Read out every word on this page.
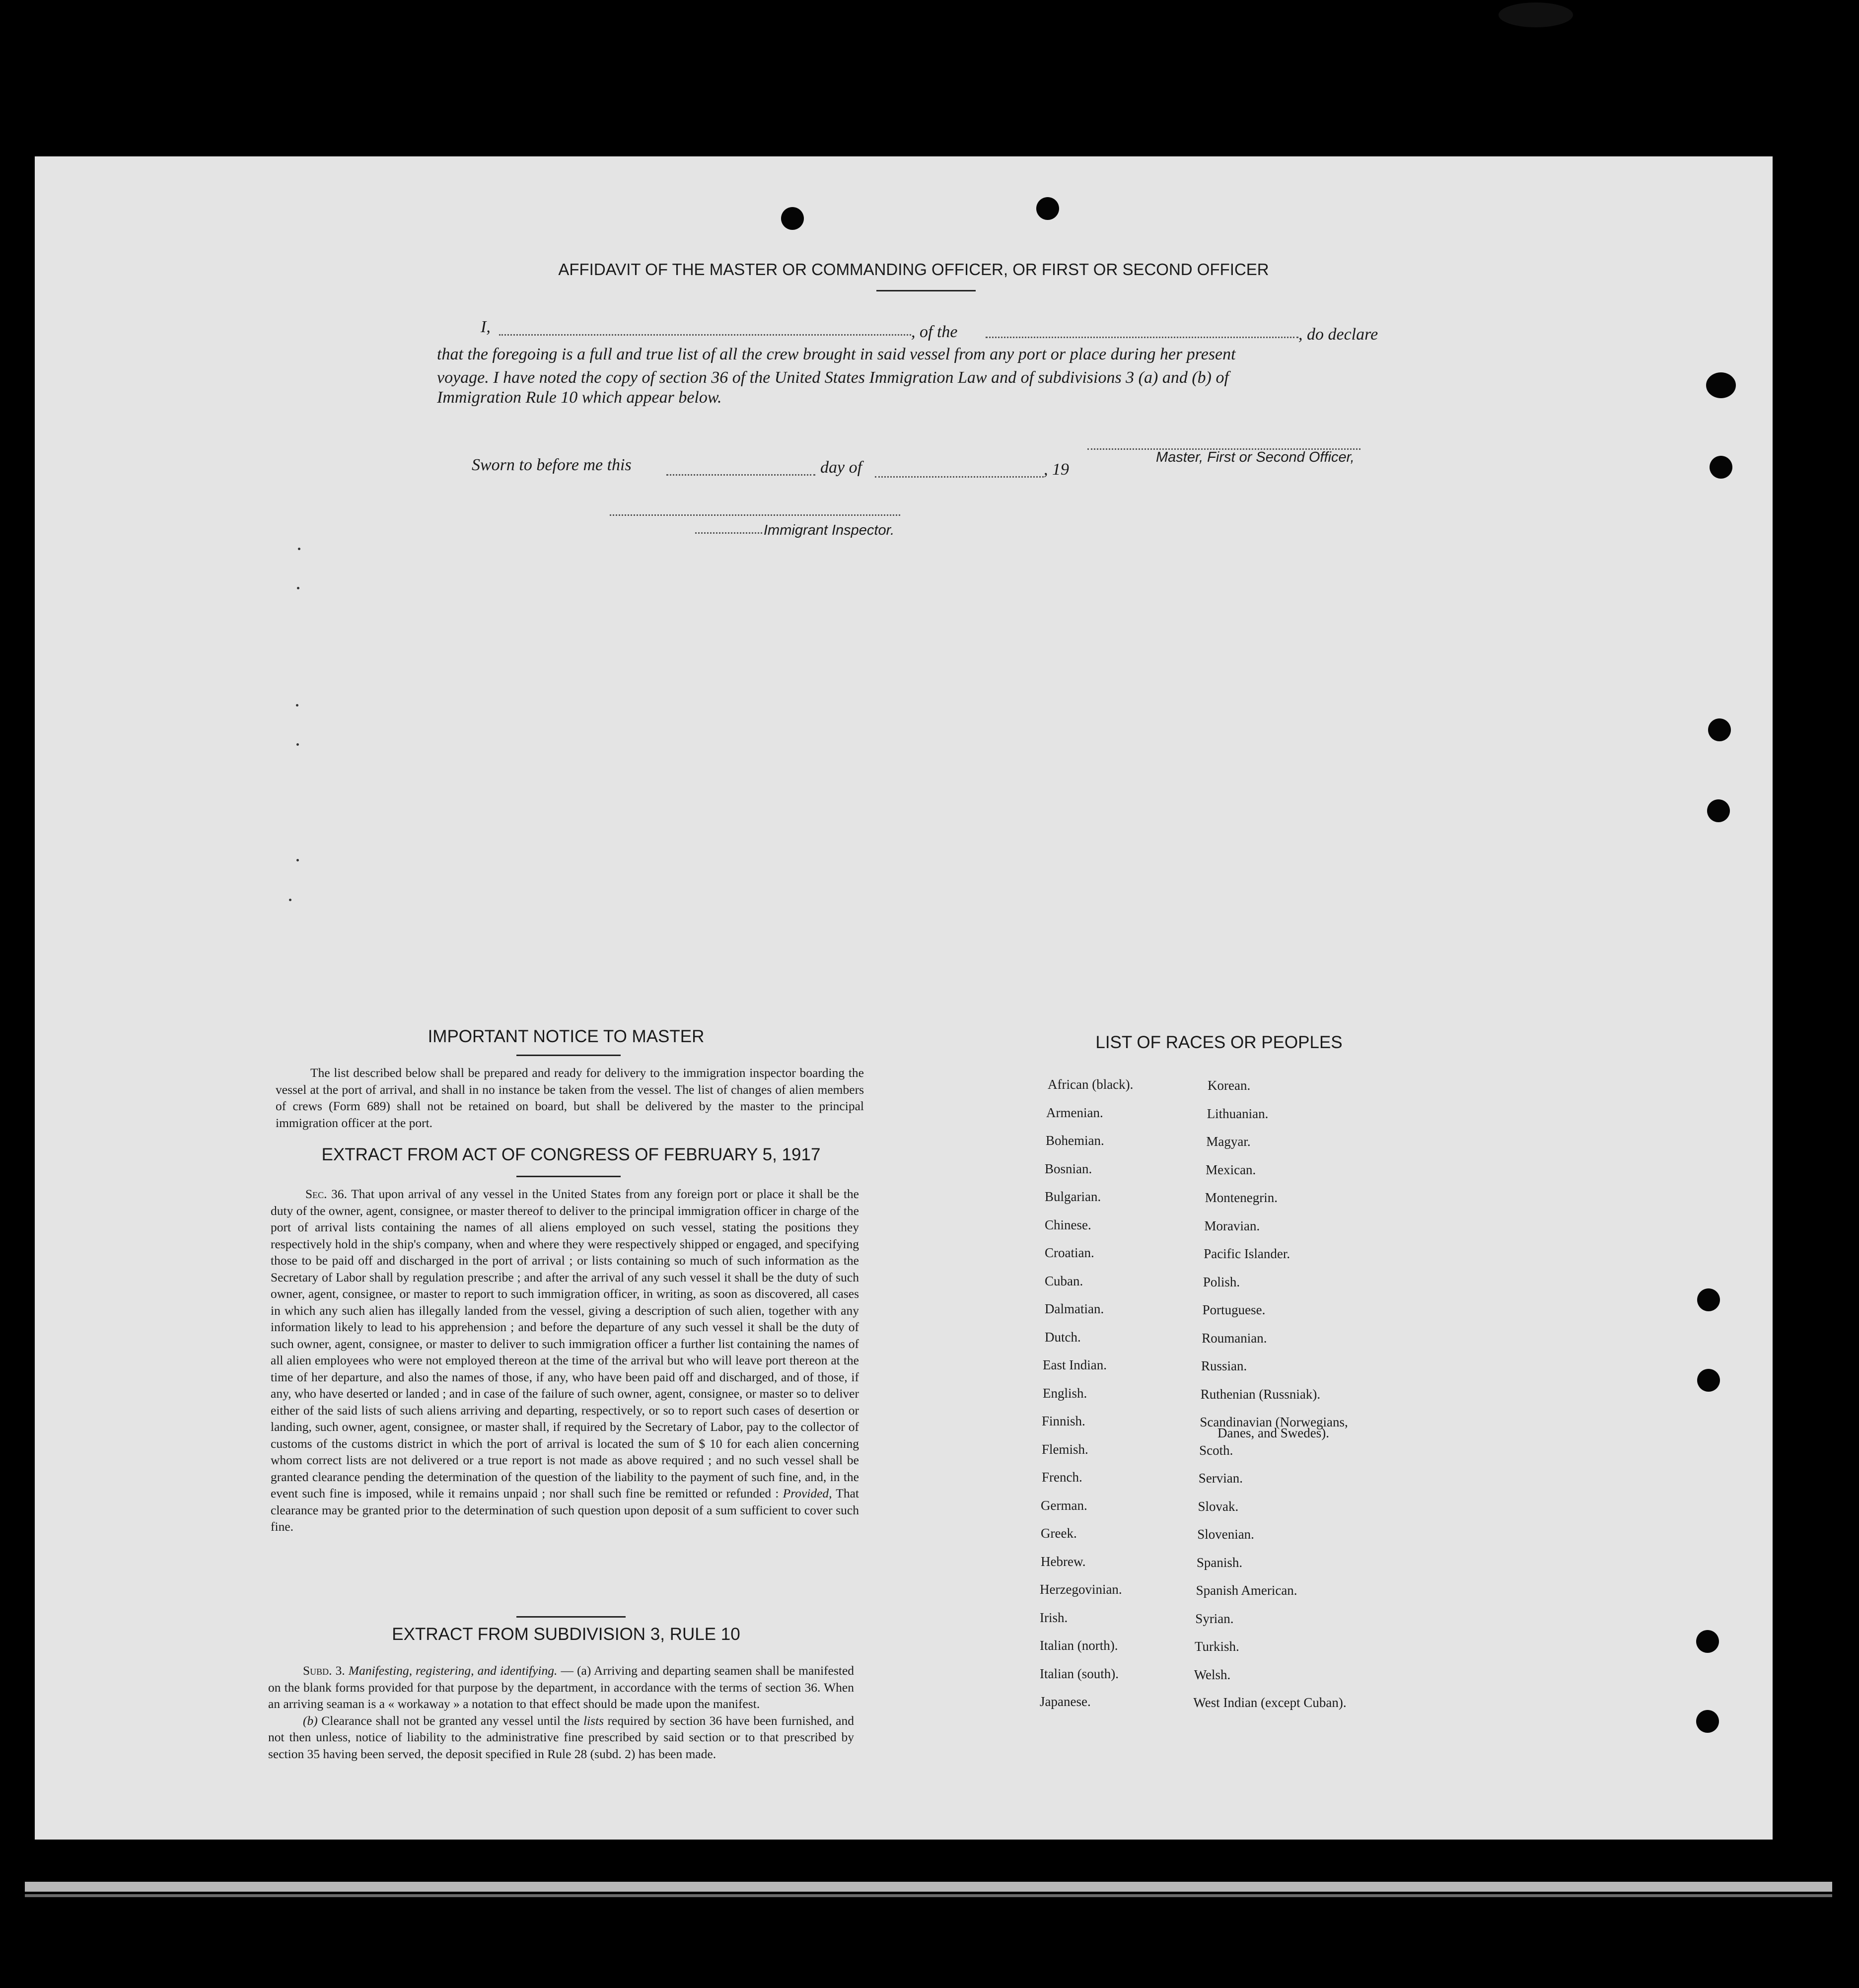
AFFIDAVIT OF THE MASTER OR COMMANDING OFFICER, OR FIRST OR SECOND OFFICER
I,	, of the	, do declare
that the foregoing is a full and true list of all the crew brought in said vessel from any port or place during her present
voyage. I have noted the copy of section 36 of the United States Immigration Law and of subdivisions 3 (a) and (b) of
Immigration Rule 10 which appear below.
Master, First or Second Officer,
Sworn to before me this	day of	, 19
Immigrant Inspector.
IMPORTANT NOTICE TO MASTER

The list described below shall be prepared and ready for delivery to the immigration inspector boarding the vessel at the port of arrival, and shall in no instance be taken from the vessel. The list of changes of alien members of crews (Form 689) shall not be retained on board, but shall be delivered by the master to the principal immigration officer at the port.

EXTRACT FROM ACT OF CONGRESS OF FEBRUARY 5, 1917

Sec. 36. That upon arrival of any vessel in the United States from any foreign port or place it shall be the duty of the owner, agent, consignee, or master thereof to deliver to the principal immigration officer in charge of the port of arrival lists containing the names of all aliens employed on such vessel, stating the positions they respectively hold in the ship's company, when and where they were respectively shipped or engaged, and specifying those to be paid off and discharged in the port of arrival ; or lists containing so much of such information as the Secretary of Labor shall by regulation prescribe ; and after the arrival of any such vessel it shall be the duty of such owner, agent, consignee, or master to report to such immigration officer, in writing, as soon as discovered, all cases in which any such alien has illegally landed from the vessel, giving a description of such alien, together with any information likely to lead to his apprehension ; and before the departure of any such vessel it shall be the duty of such owner, agent, consignee, or master to deliver to such immigration officer a further list containing the names of all alien employees who were not employed thereon at the time of the arrival but who will leave port thereon at the time of her departure, and also the names of those, if any, who have been paid off and discharged, and of those, if any, who have deserted or landed ; and in case of the failure of such owner, agent, consignee, or master so to deliver either of the said lists of such aliens arriving and departing, respectively, or so to report such cases of desertion or landing, such owner, agent, consignee, or master shall, if required by the Secretary of Labor, pay to the collector of customs of the customs district in which the port of arrival is located the sum of $ 10 for each alien concerning whom correct lists are not delivered or a true report is not made as above required ; and no such vessel shall be granted clearance pending the determination of the question of the liability to the payment of such fine, and, in the event such fine is imposed, while it remains unpaid ; nor shall such fine be remitted or refunded : Provided, That clearance may be granted prior to the determination of such question upon deposit of a sum sufficient to cover such fine.

EXTRACT FROM SUBDIVISION 3, RULE 10

Subd. 3. Manifesting, registering, and identifying. — (a) Arriving and departing seamen shall be manifested on the blank forms provided for that purpose by the department, in accordance with the terms of section 36. When an arriving seaman is a « workaway » a notation to that effect should be made upon the manifest.

(b) Clearance shall not be granted any vessel until the lists required by section 36 have been furnished, and not then unless, notice of liability to the administrative fine prescribed by said section or to that prescribed by section 35 having been served, the deposit specified in Rule 28 (subd. 2) has been made.

LIST OF RACES OR PEOPLES
African (black).
Armenian.
Bohemian.
Bosnian.
Bulgarian.
Chinese.
Croatian.
Cuban.
Dalmatian.
Dutch.
East Indian.
English.
Finnish.
Flemish.
French.
German.
Greek.
Hebrew.
Herzegovinian.
Irish.
Italian (north).
Italian (south).
Japanese.
Korean.
Lithuanian.
Magyar.
Mexican.
Montenegrin.
Moravian.
Pacific Islander.
Polish.
Portuguese.
Roumanian.
Russian.
Ruthenian (Russniak).
Scandinavian (Norwegians,
Scoth.
Servian.
Slovak.
Slovenian.
Spanish.
Spanish American.
Syrian.
Turkish.
Welsh.
West Indian (except Cuban).
Danes, and Swedes).
